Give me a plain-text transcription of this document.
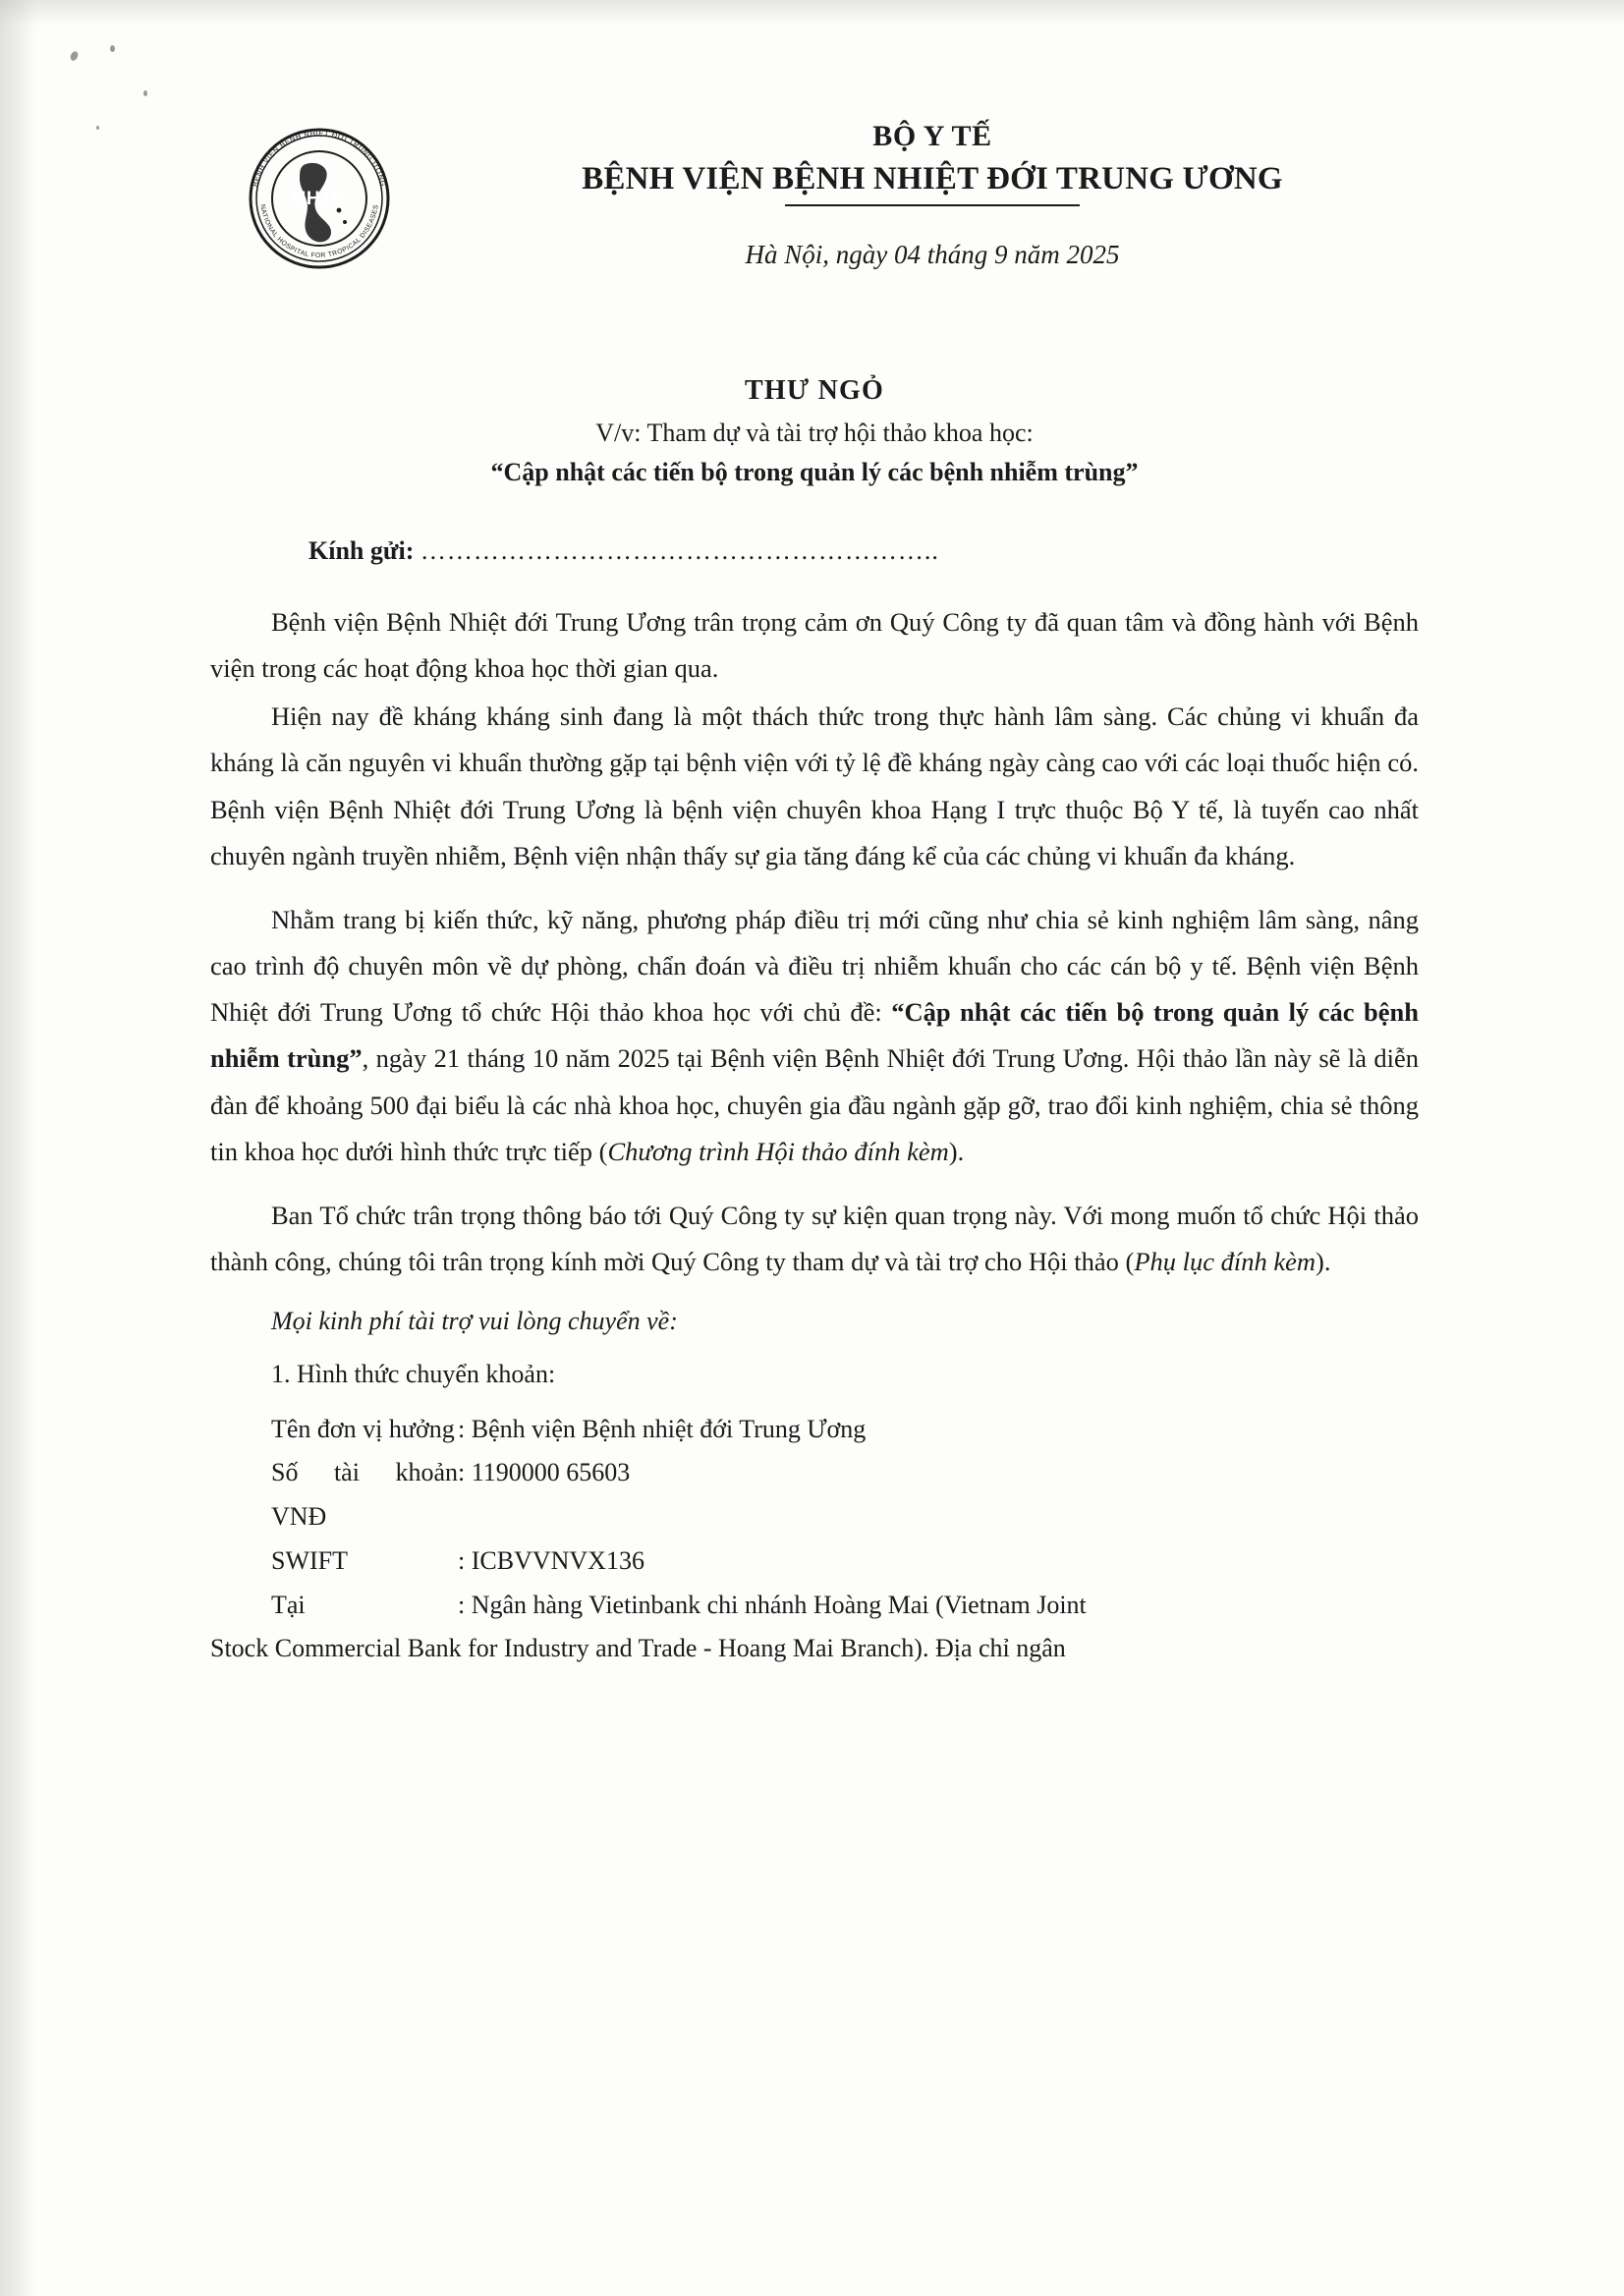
BỆNH VIỆN BỆNH NHIỆT ĐỚI TRUNG ƯƠNG
NATIONAL HOSPITAL FOR TROPICAL DISEASES
NHTĐ
BỘ Y TẾ
BỆNH VIỆN BỆNH NHIỆT ĐỚI TRUNG ƯƠNG
Hà Nội, ngày 04 tháng 9 năm 2025
THƯ NGỎ
V/v: Tham dự và tài trợ hội thảo khoa học:
“Cập nhật các tiến bộ trong quản lý các bệnh nhiễm trùng”
Kính gửi: …………………………………………………..

Bệnh viện Bệnh Nhiệt đới Trung Ương trân trọng cảm ơn Quý Công ty đã quan tâm và đồng hành với Bệnh viện trong các hoạt động khoa học thời gian qua.

Hiện nay đề kháng kháng sinh đang là một thách thức trong thực hành lâm sàng. Các chủng vi khuẩn đa kháng là căn nguyên vi khuẩn thường gặp tại bệnh viện với tỷ lệ đề kháng ngày càng cao với các loại thuốc hiện có. Bệnh viện Bệnh Nhiệt đới Trung Ương là bệnh viện chuyên khoa Hạng I trực thuộc Bộ Y tế, là tuyến cao nhất chuyên ngành truyền nhiễm, Bệnh viện nhận thấy sự gia tăng đáng kể của các chủng vi khuẩn đa kháng.

Nhằm trang bị kiến thức, kỹ năng, phương pháp điều trị mới cũng như chia sẻ kinh nghiệm lâm sàng, nâng cao trình độ chuyên môn về dự phòng, chẩn đoán và điều trị nhiễm khuẩn cho các cán bộ y tế. Bệnh viện Bệnh Nhiệt đới Trung Ương tổ chức Hội thảo khoa học với chủ đề: “Cập nhật các tiến bộ trong quản lý các bệnh nhiễm trùng”, ngày 21 tháng 10 năm 2025 tại Bệnh viện Bệnh Nhiệt đới Trung Ương. Hội thảo lần này sẽ là diễn đàn để khoảng 500 đại biểu là các nhà khoa học, chuyên gia đầu ngành gặp gỡ, trao đổi kinh nghiệm, chia sẻ thông tin khoa học dưới hình thức trực tiếp (Chương trình Hội thảo đính kèm).

Ban Tổ chức trân trọng thông báo tới Quý Công ty sự kiện quan trọng này. Với mong muốn tổ chức Hội thảo thành công, chúng tôi trân trọng kính mời Quý Công ty tham dự và tài trợ cho Hội thảo (Phụ lục đính kèm).

Mọi kinh phí tài trợ vui lòng chuyển về:
1. Hình thức chuyển khoản:
Tên đơn vị hưởng : Bệnh viện Bệnh nhiệt đới Trung Ương
Số tài khoản VNĐ
: 1190000 65603
SWIFT	: ICBVVNVX136
Tại	: Ngân hàng Vietinbank chi nhánh Hoàng Mai (Vietnam Joint
Stock Commercial Bank for Industry and Trade - Hoang Mai Branch). Địa chỉ ngân
